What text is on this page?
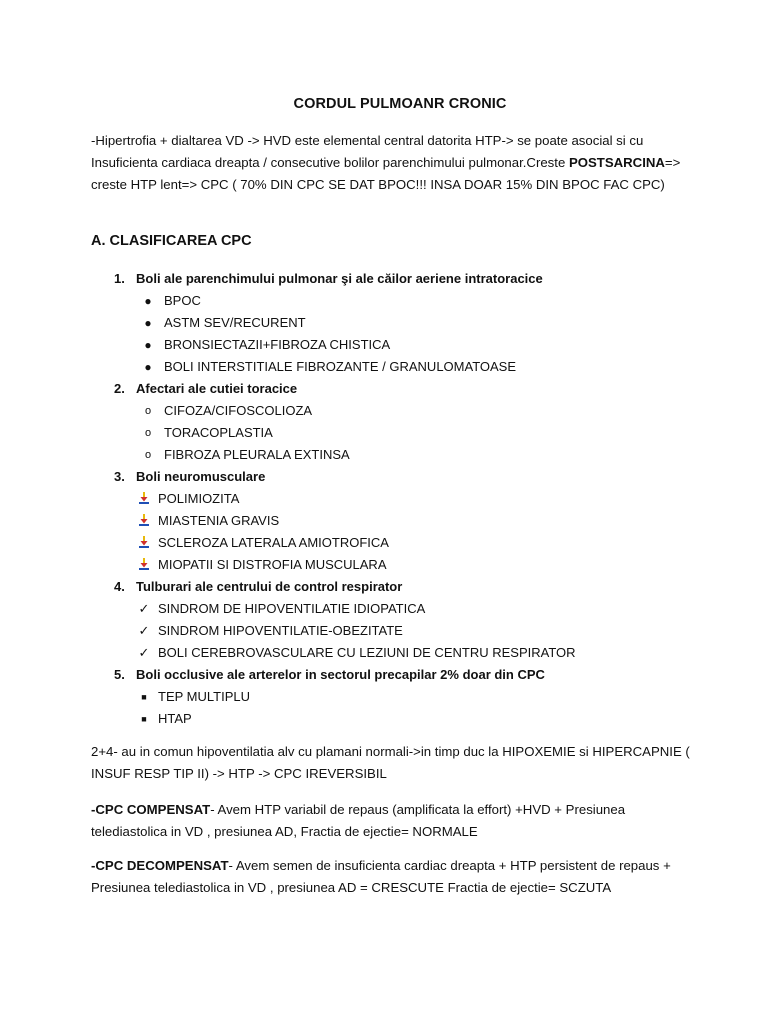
CORDUL PULMOANR CRONIC
-Hipertrofia + dialtarea VD -> HVD este elemental central datorita HTP-> se poate asocial si cu Insuficienta cardiaca dreapta / consecutive bolilor parenchimului pulmonar.Creste POSTSARCINA=> creste HTP lent=> CPC ( 70% DIN CPC SE DAT BPOC!!! INSA DOAR 15% DIN BPOC FAC CPC)
A. CLASIFICAREA CPC
1. Boli ale parenchimului pulmonar şi ale căilor aeriene intratoracice
● BPOC
● ASTM SEV/RECURENT
● BRONSIECTAZII+FIBROZA CHISTICA
● BOLI INTERSTITIALE FIBROZANTE / GRANULOMATOASE
2. Afectari ale cutiei toracice
o CIFOZA/CIFOSCOLIOZA
o TORACOPLASTIA
o FIBROZA PLEURALA EXTINSA
3. Boli neuromusculare
POLIMIOZITA
MIASTENIA GRAVIS
SCLEROZA LATERALA AMIOTROFICA
MIOPATII SI DISTROFIA MUSCULARA
4. Tulburari ale centrului de control respirator
✓ SINDROM DE HIPOVENTILATIE IDIOPATICA
✓ SINDROM HIPOVENTILATIE-OBEZITATE
✓ BOLI CEREBROVASCULARE CU LEZIUNI DE CENTRU RESPIRATOR
5. Boli occlusive ale arterelor in sectorul precapilar 2% doar din CPC
■ TEP MULTIPLU
■ HTAP
2+4- au in comun hipoventilatia alv cu plamani normali->in timp duc la HIPOXEMIE si HIPERCAPNIE ( INSUF RESP TIP II) -> HTP -> CPC IREVERSIBIL
-CPC COMPENSAT- Avem HTP variabil de repaus (amplificata la effort) +HVD + Presiunea telediastolica in VD , presiunea AD, Fractia de ejectie= NORMALE
-CPC DECOMPENSAT- Avem semen de insuficienta cardiac dreapta + HTP persistent de repaus + Presiunea telediastolica in VD , presiunea AD = CRESCUTE Fractia de ejectie= SCZUTA
